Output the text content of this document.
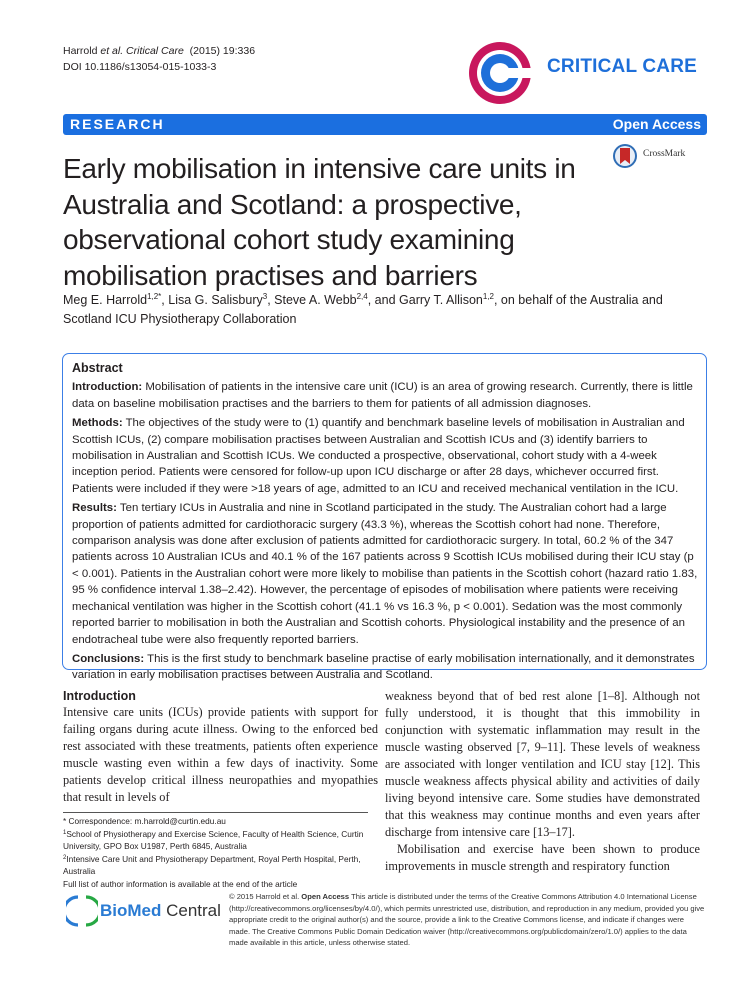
Harrold et al. Critical Care (2015) 19:336
DOI 10.1186/s13054-015-1033-3	CRITICAL CARE
RESEARCH	Open Access
CrossMark
Early mobilisation in intensive care units in Australia and Scotland: a prospective, observational cohort study examining mobilisation practises and barriers
Meg E. Harrold$^{1,2*}$, Lisa G. Salisbury$^3$, Steve A. Webb$^{2,4}$, and Garry T. Allison$^{1,2}$, on behalf of the Australia and Scotland ICU Physiotherapy Collaboration
Abstract

Introduction: Mobilisation of patients in the intensive care unit (ICU) is an area of growing research. Currently, there is little data on baseline mobilisation practises and the barriers to them for patients of all admission diagnoses.

Methods: The objectives of the study were to (1) quantify and benchmark baseline levels of mobilisation in Australian and Scottish ICUs, (2) compare mobilisation practises between Australian and Scottish ICUs and (3) identify barriers to mobilisation in Australian and Scottish ICUs. We conducted a prospective, observational, cohort study with a 4-week inception period. Patients were censored for follow-up upon ICU discharge or after 28 days, whichever occurred first. Patients were included if they were >18 years of age, admitted to an ICU and received mechanical ventilation in the ICU.

Results: Ten tertiary ICUs in Australia and nine in Scotland participated in the study. The Australian cohort had a large proportion of patients admitted for cardiothoracic surgery (43.3 %), whereas the Scottish cohort had none. Therefore, comparison analysis was done after exclusion of patients admitted for cardiothoracic surgery. In total, 60.2 % of the 347 patients across 10 Australian ICUs and 40.1 % of the 167 patients across 9 Scottish ICUs mobilised during their ICU stay (p < 0.001). Patients in the Australian cohort were more likely to mobilise than patients in the Scottish cohort (hazard ratio 1.83, 95 % confidence interval 1.38–2.42). However, the percentage of episodes of mobilisation where patients were receiving mechanical ventilation was higher in the Scottish cohort (41.1 % vs 16.3 %, p < 0.001). Sedation was the most commonly reported barrier to mobilisation in both the Australian and Scottish cohorts. Physiological instability and the presence of an endotracheal tube were also frequently reported barriers.

Conclusions: This is the first study to benchmark baseline practise of early mobilisation internationally, and it demonstrates variation in early mobilisation practises between Australia and Scotland.

Introduction

Intensive care units (ICUs) provide patients with support for failing organs during acute illness. Owing to the enforced bed rest associated with these treatments, patients often experience muscle wasting even within a few days of inactivity. Some patients develop critical illness neuropathies and myopathies that result in levels of

weakness beyond that of bed rest alone [1–8]. Although not fully understood, it is thought that this immobility in conjunction with systematic inflammation may result in the muscle wasting observed [7, 9–11]. These levels of weakness are associated with longer ventilation and ICU stay [12]. This muscle weakness affects physical ability and activities of daily living beyond intensive care. Some studies have demonstrated that this weakness may continue months and even years after discharge from intensive care [13–17].

Mobilisation and exercise have been shown to produce improvements in muscle strength and respiratory function

* Correspondence: m.harrold@curtin.edu.au
$^1$School of Physiotherapy and Exercise Science, Faculty of Health Science, Curtin University, GPO Box U1987, Perth 6845, Australia
$^2$Intensive Care Unit and Physiotherapy Department, Royal Perth Hospital, Perth, Australia
Full list of author information is available at the end of the article
BioMed Central
© 2015 Harrold et al. Open Access This article is distributed under the terms of the Creative Commons Attribution 4.0 International License (http://creativecommons.org/licenses/by/4.0/), which permits unrestricted use, distribution, and reproduction in any medium, provided you give appropriate credit to the original author(s) and the source, provide a link to the Creative Commons license, and indicate if changes were made. The Creative Commons Public Domain Dedication waiver (http://creativecommons.org/publicdomain/zero/1.0/) applies to the data made available in this article, unless otherwise stated.
